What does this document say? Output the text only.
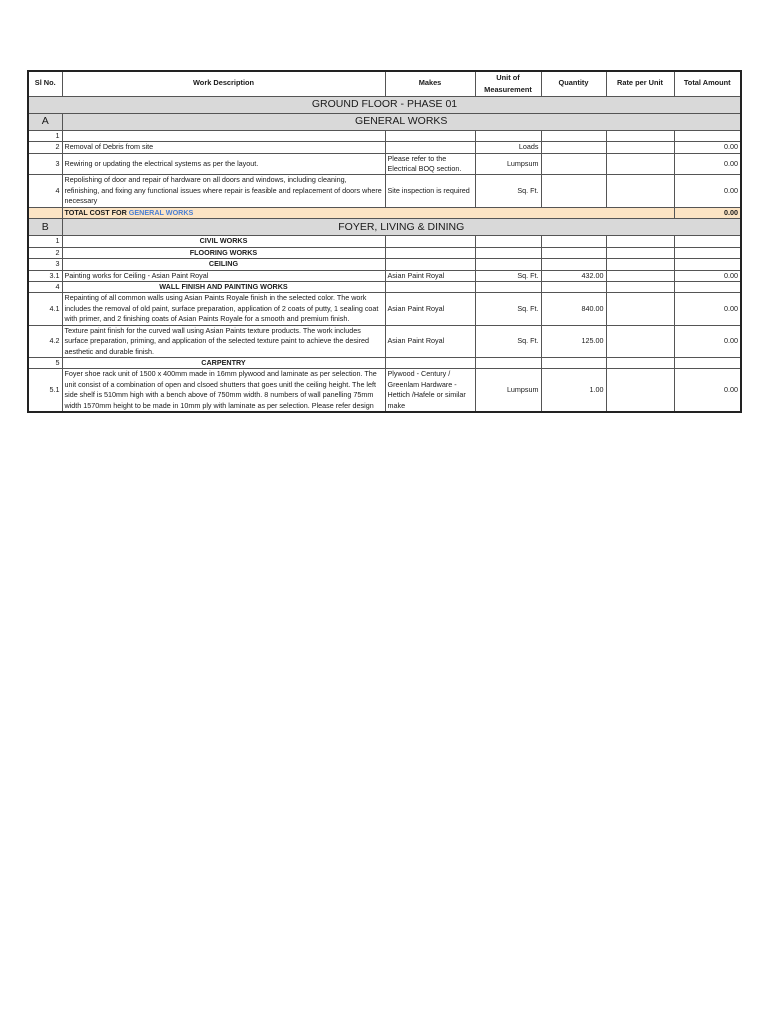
Sl No.	Work Description	Makes	Unit of Measurement	Quantity	Rate per Unit	Total Amount
GROUND FLOOR - PHASE 01						
A	GENERAL WORKS					
1						
2	Removal of Debris from site		Loads			0.00
3	Rewiring or updating the electrical systems as per the layout.	Please refer to the Electrical BOQ section.	Lumpsum			0.00
4	Repolishing of door and repair of hardware on all doors and windows, including cleaning, refinishing, and fixing any functional issues where repair is feasible and replacement of doors where necessary	Site inspection is required	Sq. Ft.			0.00
	TOTAL COST FOR GENERAL WORKS					0.00
B	FOYER, LIVING & DINING					
1	CIVIL WORKS					
2	FLOORING WORKS					
3	CEILING					
3.1	Painting works for Ceiling - Asian Paint Royal	Asian Paint Royal	Sq. Ft.	432.00		0.00
4	WALL FINISH AND PAINTING WORKS					
4.1	Repainting of all common walls using Asian Paints Royale finish in the selected color. The work includes the removal of old paint, surface preparation, application of 2 coats of putty, 1 sealing coat with primer, and 2 finishing coats of Asian Paints Royale for a smooth and premium finish.	Asian Paint Royal	Sq. Ft.	840.00		0.00
4.2	Texture paint finish for the curved wall using Asian Paints texture products. The work includes surface preparation, priming, and application of the selected texture paint to achieve the desired aesthetic and durable finish.	Asian Paint Royal	Sq. Ft.	125.00		0.00
5	CARPENTRY					
5.1	Foyer shoe rack unit of 1500 x 400mm made in 16mm plywood and laminate as per selection. The unit consist of a combination of open and clsoed shutters that goes unitl the ceiling height. The left side shelf is 510mm high with a bench above of 750mm width. 8 numbers of wall panelling 75mm width 1570mm height to be made in 10mm ply with laminate as per selection. Please refer design	Plywood - Century / Greenlam Hardware - Hettich /Hafele or similar make	Lumpsum	1.00		0.00
